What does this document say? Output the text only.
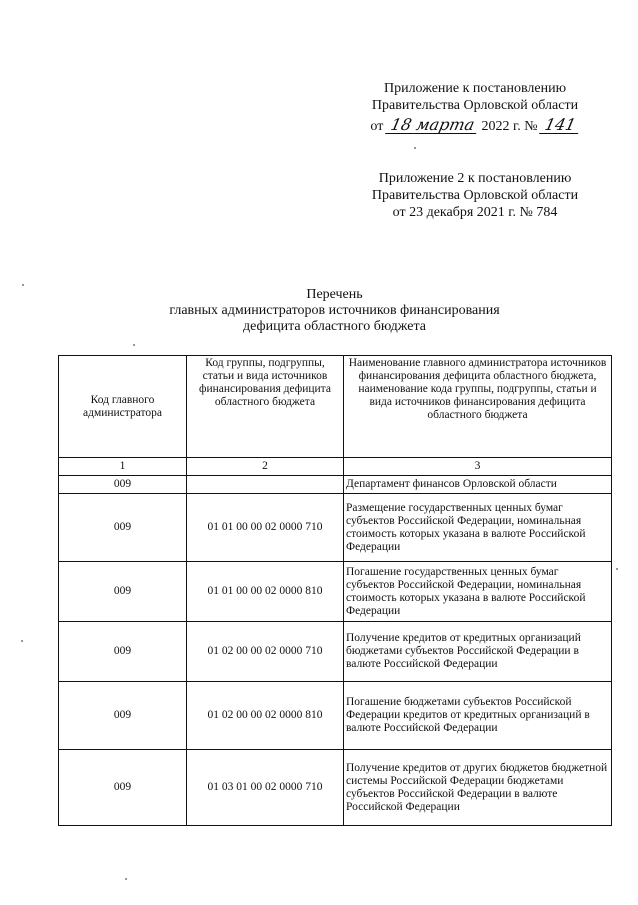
Приложение к постановлению
Правительства Орловской области
от 18 марта 2022 г. № 141
Приложение 2 к постановлению
Правительства Орловской области
от 23 декабря 2021 г. № 784
Перечень
главных администраторов источников финансирования
дефицита областного бюджета
Код главного администратора	Код группы, подгруппы, статьи и вида источников финансирования дефицита областного бюджета	Наименование главного администратора источников финансирования дефицита областного бюджета, наименование кода группы, подгруппы, статьи и вида источников финансирования дефицита областного бюджета
1	2	3
009		Департамент финансов Орловской области
009	01 01 00 00 02 0000 710	Размещение государственных ценных бумаг субъектов Российской Федерации, номинальная стоимость которых указана в валюте Российской Федерации
009	01 01 00 00 02 0000 810	Погашение государственных ценных бумаг субъектов Российской Федерации, номинальная стоимость которых указана в валюте Российской Федерации
009	01 02 00 00 02 0000 710	Получение кредитов от кредитных организаций бюджетами субъектов Российской Федерации в валюте Российской Федерации
009	01 02 00 00 02 0000 810	Погашение бюджетами субъектов Российской Федерации кредитов от кредитных организаций в валюте Российской Федерации
009	01 03 01 00 02 0000 710	Получение кредитов от других бюджетов бюджетной системы Российской Федерации бюджетами субъектов Российской Федерации в валюте Российской Федерации
